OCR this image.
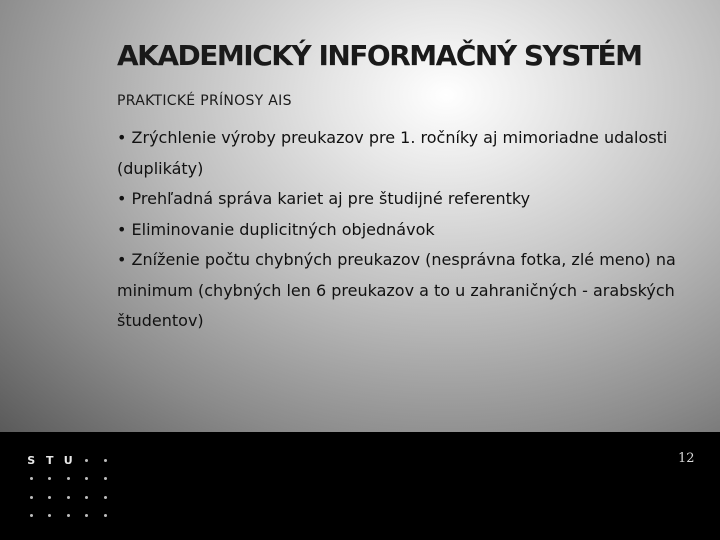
AKADEMICKÝ INFORMAČNÝ SYSTÉM
PRAKTICKÉ PRÍNOSY AIS

• Zrýchlenie výroby preukazov pre 1. ročníky aj mimoriadne udalosti (duplikáty)

• Prehľadná správa kariet aj pre študijné referentky

• Eliminovanie duplicitných objednávok

• Zníženie počtu chybných preukazov (nesprávna fotka, zlé meno) na minimum (chybných len 6 preukazov a to u zahraničných - arabských študentov)

S T U	12
